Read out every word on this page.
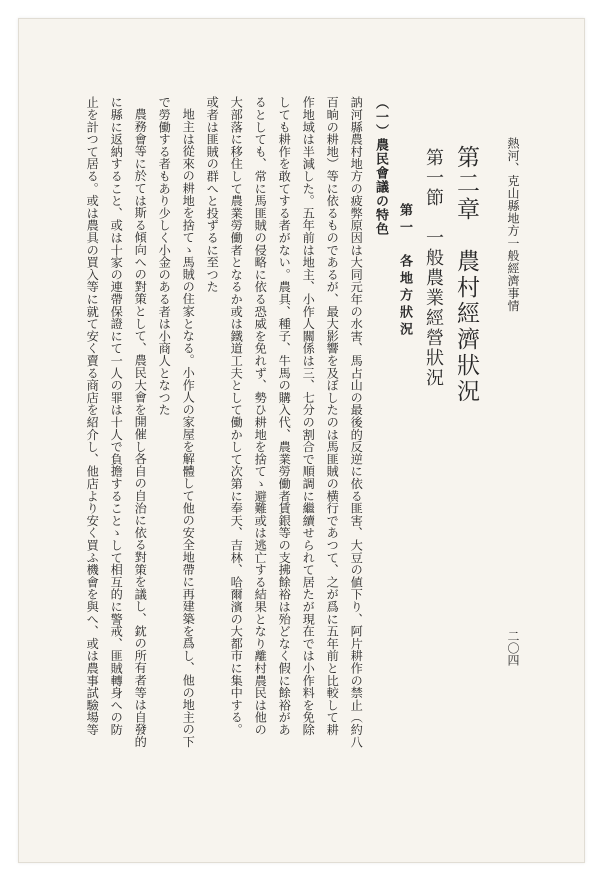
熱河、克山縣地方一般經濟事情
二〇四
第二章　農村經濟狀況
第一節　一般農業經營狀況
第一　各地方狀況
（一）農民會議の特色
訥河縣農村地方の疲弊原因は大同元年の水害、馬占山の最後的反逆に依る匪害、大豆の値下り、阿片耕作の禁止（約八
百晌の耕地）等に依るものであるが、最大影響を及ぼしたのは馬匪賊の横行であつて、之が爲に五年前と比較して耕
作地域は半減した。五年前は地主、小作人關係は三、七分の割合で順調に繼續せられて居たが現在では小作料を免除
しても耕作を敢てする者がない。農具、種子、牛馬の購入代、農業勞働者賃銀等の支拂餘裕は殆どなく假に餘裕があ
るとしても、常に馬匪賊の侵略に依る恐威を免れず、勢ひ耕地を捨てゝ避難或は逃亡する結果となり離村農民は他の
大部落に移住して農業勞働者となるか或は鐵道工夫として働かして次第に奉天、吉林、哈爾濱の大都市に集中する。
或者は匪賊の群へと投ずるに至つた
地主は從來の耕地を捨てゝ馬賊の住家となる。小作人の家屋を解體して他の安全地帶に再建築を爲し、他の地主の下
で勞働する者もあり少しく小金のある者は小商人となつた
農務會等に於ては斯る傾向への對策として、農民大會を開催し各自の自治に依る對策を議し、鈂の所有者等は自發的
に縣に返納すること、或は十家の連帶保證にて一人の罪は十人で負擔することゝして相互的に警戒、匪賊轉身への防
止を計つて居る。或は農具の買入等に就て安く賣る商店を紹介し、他店より安く買ふ機會を與へ、或は農事試驗場等
